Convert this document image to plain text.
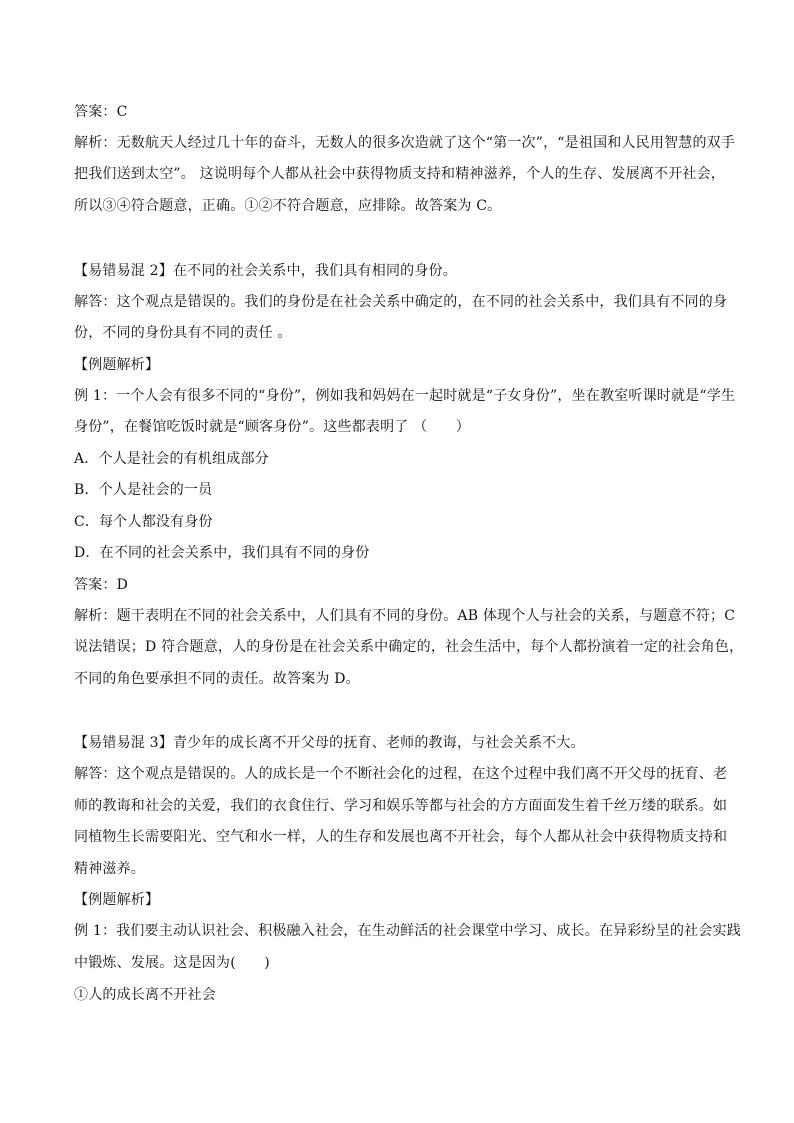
答案：C
解析：无数航天人经过几十年的奋斗，无数人的很多次造就了这个“第一次”，“是祖国和人民用智慧的双手
把我们送到太空”。 这说明每个人都从社会中获得物质支持和精神滋养，个人的生存、发展离不开社会，
所以③④符合题意，正确。①②不符合题意，应排除。故答案为 C。
【易错易混 2】在不同的社会关系中，我们具有相同的身份。
解答：这个观点是错误的。我们的身份是在社会关系中确定的，在不同的社会关系中，我们具有不同的身
份，不同的身份具有不同的责任 。
【例题解析】
例 1：一个人会有很多不同的“身份”，例如我和妈妈在一起时就是“子女身份”，坐在教室听课时就是“学生
身份”，在餐馆吃饭时就是“顾客身份”。这些都表明了 （　　）
A．个人是社会的有机组成部分
B．个人是社会的一员
C．每个人都没有身份
D．在不同的社会关系中，我们具有不同的身份
答案：D
解析：题干表明在不同的社会关系中，人们具有不同的身份。AB 体现个人与社会的关系，与题意不符；C
说法错误；D 符合题意，人的身份是在社会关系中确定的，社会生活中，每个人都扮演着一定的社会角色，
不同的角色要承担不同的责任。故答案为 D。
【易错易混 3】青少年的成长离不开父母的抚育、老师的教诲，与社会关系不大。
解答：这个观点是错误的。人的成长是一个不断社会化的过程，在这个过程中我们离不开父母的抚育、老
师的教诲和社会的关爱，我们的衣食住行、学习和娱乐等都与社会的方方面面发生着千丝万缕的联系。如
同植物生长需要阳光、空气和水一样，人的生存和发展也离不开社会，每个人都从社会中获得物质支持和
精神滋养。
【例题解析】
例 1：我们要主动认识社会、积极融入社会，在生动鲜活的社会课堂中学习、成长。在异彩纷呈的社会实践
中锻炼、发展。这是因为(　　)
①人的成长离不开社会
